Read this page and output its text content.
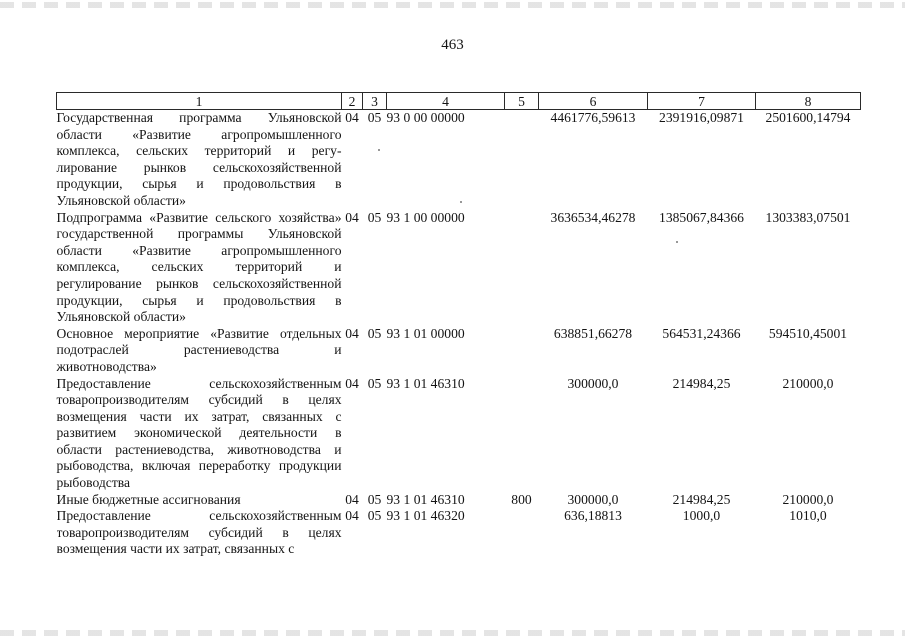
463
1	2	3	4	5	6	7	8
Государственная программа Ульяновской области «Развитие агропромышленного комплекса, сельских территорий и регулирование рынков сельскохозяйственной продукции, сырья и продовольствия в Ульяновской области»	04	05	93 0 00 00000		4461776,59613	2391916,09871	2501600,14794
Подпрограмма «Развитие сельского хозяйства» государственной программы Ульяновской области «Развитие агропромышленного комплекса, сельских территорий и регулирование рынков сельскохозяйственной продукции, сырья и продовольствия в Ульяновской области»	04	05	93 1 00 00000		3636534,46278	1385067,84366	1303383,07501
Основное мероприятие «Развитие отдельных подотраслей растениеводства и животноводства»	04	05	93 1 01 00000		638851,66278	564531,24366	594510,45001
Предоставление сельскохозяйственным товаропроизводителям субсидий в целях возмещения части их затрат, связанных с развитием экономической деятельности в области растениеводства, животноводства и рыбоводства, включая переработку продукции рыбоводства	04	05	93 1 01 46310		300000,0	214984,25	210000,0
Иные бюджетные ассигнования	04	05	93 1 01 46310	800	300000,0	214984,25	210000,0
Предоставление сельскохозяйственным товаропроизводителям субсидий в целях возмещения части их затрат, связанных с	04	05	93 1 01 46320		636,18813	1000,0	1010,0
